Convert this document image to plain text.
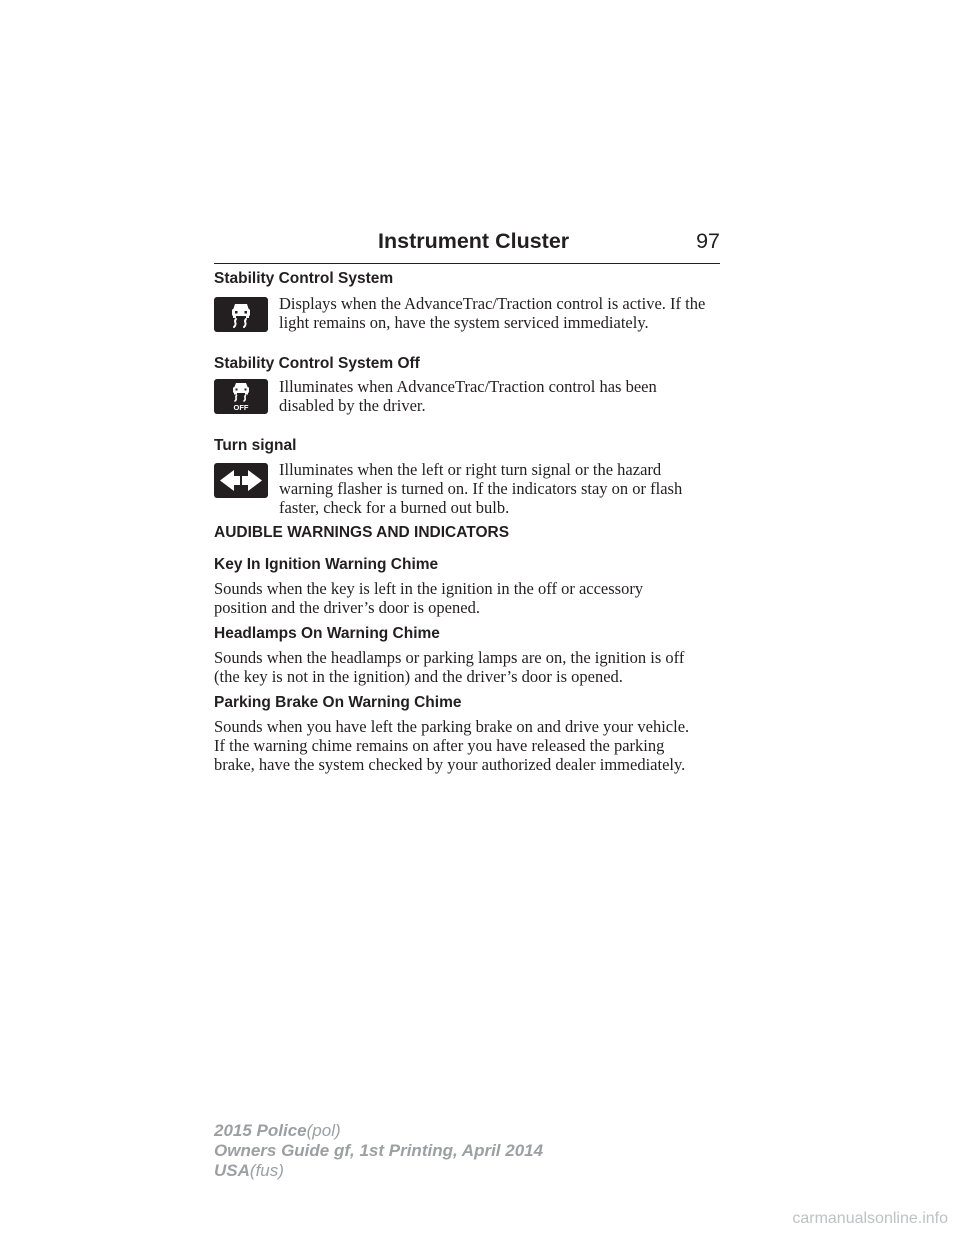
Instrument Cluster	97
Stability Control System
Displays when the AdvanceTrac/Traction control is active. If the
light remains on, have the system serviced immediately.
Stability Control System Off
OFF
Illuminates when AdvanceTrac/Traction control has been
disabled by the driver.
Turn signal
Illuminates when the left or right turn signal or the hazard
warning flasher is turned on. If the indicators stay on or flash
faster, check for a burned out bulb.
AUDIBLE WARNINGS AND INDICATORS
Key In Ignition Warning Chime
Sounds when the key is left in the ignition in the off or accessory
position and the driver’s door is opened.
Headlamps On Warning Chime
Sounds when the headlamps or parking lamps are on, the ignition is off
(the key is not in the ignition) and the driver’s door is opened.
Parking Brake On Warning Chime
Sounds when you have left the parking brake on and drive your vehicle.
If the warning chime remains on after you have released the parking
brake, have the system checked by your authorized dealer immediately.
2015 Police(pol)
Owners Guide gf, 1st Printing, April 2014
USA(fus)
carmanualsonline.info
